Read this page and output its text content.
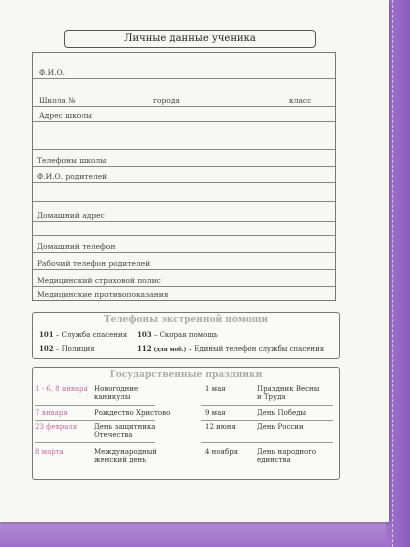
Личные данные ученика
Ф.И.О.
Школа №	города	класс
Адрес школы
Телефоны школы
Ф.И.О. родителей
Домашний адрес
Домашний телефон
Рабочий телефон родителей
Медицинский страховой полис
Медицинские противопоказания
Телефоны экстренной помощи
101 – Служба спасения 103 – Скорая помощь
102 – Полиция	112 (для моб.) – Единый телефон службы спасения
Государственные праздники
1 - 6, 8 января Новогодние
каникулы
7 января	Рождество Христово
23 февраля День защитника
Отечества
8 марта	Международный
женский день
1 мая	Праздник Весны
и Труда
9 мая	День Победы
12 июня	День России
4 ноября	День народного
единства
